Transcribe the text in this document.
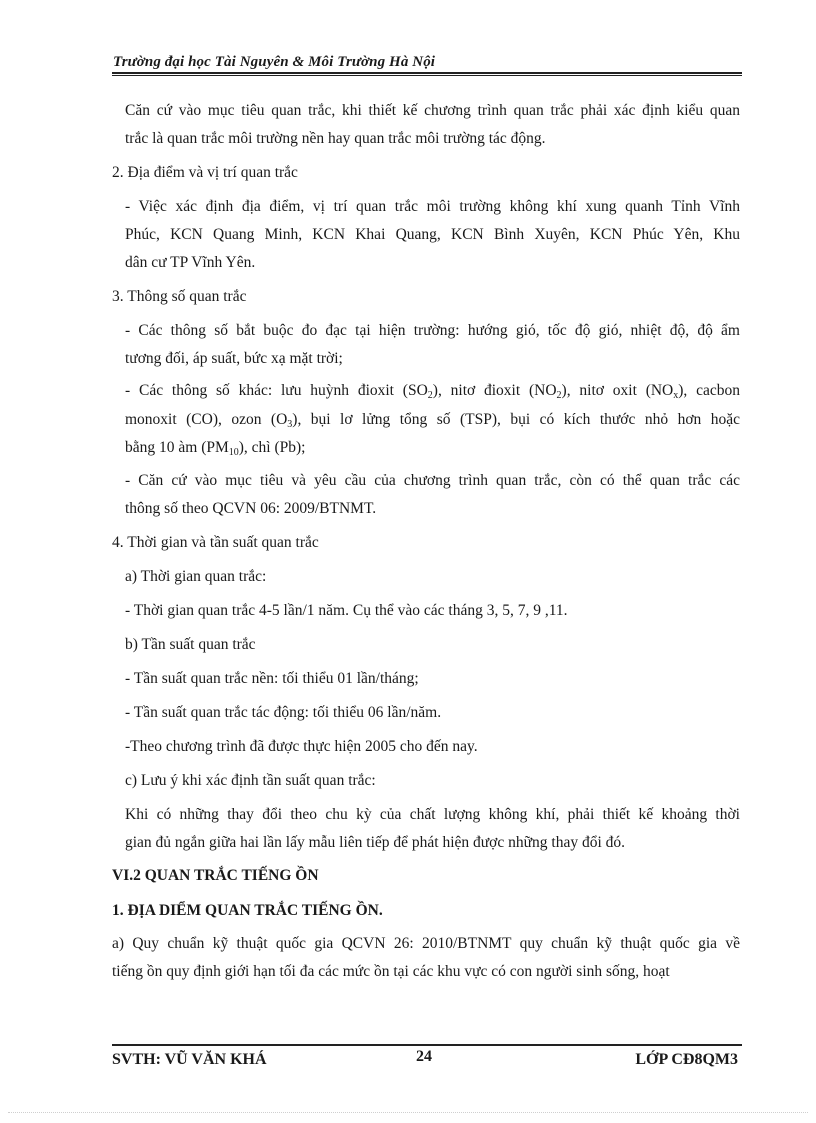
Trường đại học Tài Nguyên & Môi Trường Hà Nội
Căn cứ vào mục tiêu quan trắc, khi thiết kế chương trình quan trắc phải xác định kiểu quan
trắc là quan trắc môi trường nền hay quan trắc môi trường tác động.
2. Địa điểm và vị trí quan trắc
- Việc xác định địa điểm, vị trí quan trắc môi trường không khí xung quanh Tỉnh Vĩnh
Phúc, KCN Quang Minh, KCN Khai Quang, KCN Bình Xuyên, KCN Phúc Yên, Khu
dân cư TP Vĩnh Yên.
3. Thông số quan trắc
- Các thông số bắt buộc đo đạc tại hiện trường: hướng gió, tốc độ gió, nhiệt độ, độ ẩm
tương đối, áp suất, bức xạ mặt trời;
- Các thông số khác: lưu huỳnh đioxit $(SO_2)$, nitơ đioxit $(NO_2)$, nitơ oxit $(NO_x)$, cacbon
monoxit (CO), ozon $(O_3)$, bụi lơ lửng tổng số (TSP), bụi có kích thước nhỏ hơn hoặc
bằng 10 àm $(PM_{10})$, chì (Pb);
- Căn cứ vào mục tiêu và yêu cầu của chương trình quan trắc, còn có thể quan trắc các
thông số theo QCVN 06: 2009/BTNMT.
4. Thời gian và tần suất quan trắc
a) Thời gian quan trắc:
- Thời gian quan trắc 4-5 lần/1 năm. Cụ thể vào các tháng 3, 5, 7, 9 ,11.
b) Tần suất quan trắc
- Tần suất quan trắc nền: tối thiểu 01 lần/tháng;
- Tần suất quan trắc tác động: tối thiểu 06 lần/năm.
-Theo chương trình đã được thực hiện 2005 cho đến nay.
c) Lưu ý khi xác định tần suất quan trắc:
Khi có những thay đổi theo chu kỳ của chất lượng không khí, phải thiết kế khoảng thời
gian đủ ngắn giữa hai lần lấy mẫu liên tiếp để phát hiện được những thay đổi đó.
VI.2 QUAN TRẮC TIẾNG ỒN
1. ĐỊA DIỂM QUAN TRẮC TIẾNG ỒN.
a) Quy chuẩn kỹ thuật quốc gia QCVN 26: 2010/BTNMT quy chuẩn kỹ thuật quốc gia về
tiếng ồn quy định giới hạn tối đa các mức ồn tại các khu vực có con người sinh sống, hoạt
SVTH: VŨ VĂN KHÁ	24	LỚP CĐ8QM3
